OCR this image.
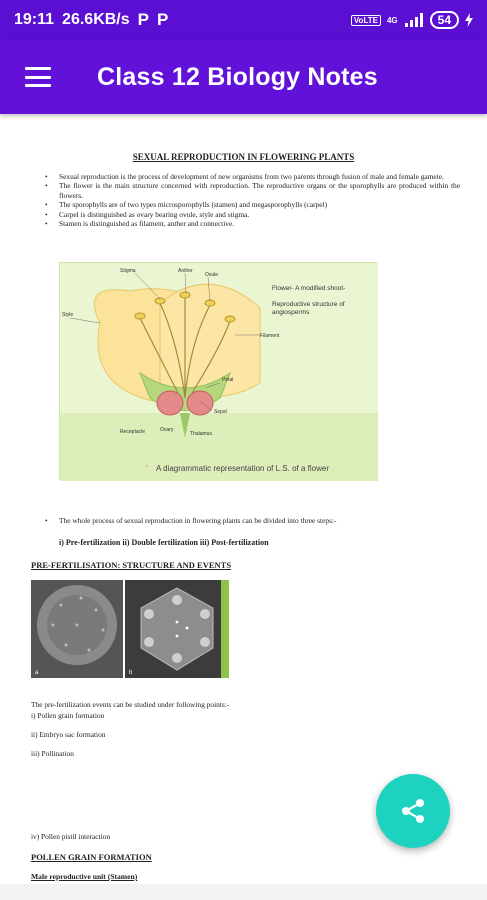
19:11 26.6KB/s P P	VoLTE	4G	54
Class 12 Biology Notes
SEXUAL REPRODUCTION IN FLOWERING PLANTS
• Sexual reproduction is the process of development of new organisms from two parents through fusion of male and female gamete.
• The flower is the main structure concerned with reproduction. The reproductive organs or the sporophylls are produced within the flowers.
• The sporophylls are of two types microsporophylls (stamen) and megasporophylls (carpel)
• Carpel is distinguished as ovary bearing ovule, style and stigma.
• Stamen is distinguished as filament, anther and connective.
Stigma	Anther
Ovule
Style
Filament
Petal
Sepal
Ovary
Thalamus
Receptacle
Flower- A modified shoot-
Reproductive structure of angiosperms
* A diagrammatic representation of L.S. of a flower
• The whole process of sexual reproduction in flowering plants can be divided into three steps:-
i) Pre-fertilization ii) Double fertilization iii) Post-fertilization
PRE-FERTILISATION: STRUCTURE AND EVENTS
a	b
The pre-fertilization events can be studied under following points:-
i) Pollen grain formation
ii) Embryo sac formation
iii) Pollination
iv) Pollen pistil interaction
POLLEN GRAIN FORMATION
Male reproductive unit (Stamen)
